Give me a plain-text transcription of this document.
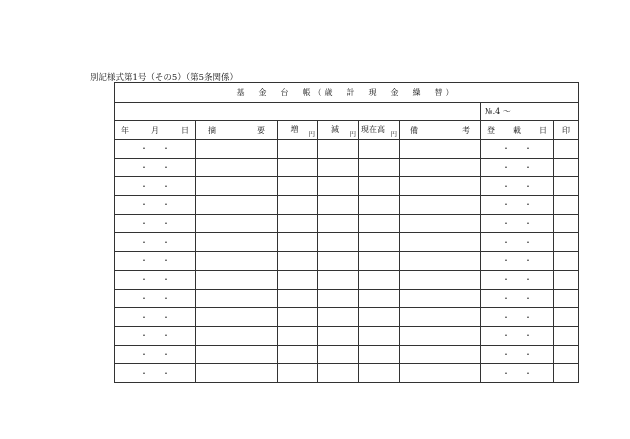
別記様式第1号（その5）（第5条関係）
基　金　台　帳（歳　計　現　金　繰　替）							
						№.4 〜	

年 月 日	摘 要	増 円	減 円	現在高 円	備 考	登 載 日	印

・ ・						・ ・	

・ ・						・ ・	

・ ・						・ ・	

・ ・						・ ・	

・ ・						・ ・	

・ ・						・ ・	

・ ・						・ ・	

・ ・						・ ・	

・ ・						・ ・	

・ ・						・ ・	

・ ・						・ ・	

・ ・						・ ・	

・ ・						・ ・	
